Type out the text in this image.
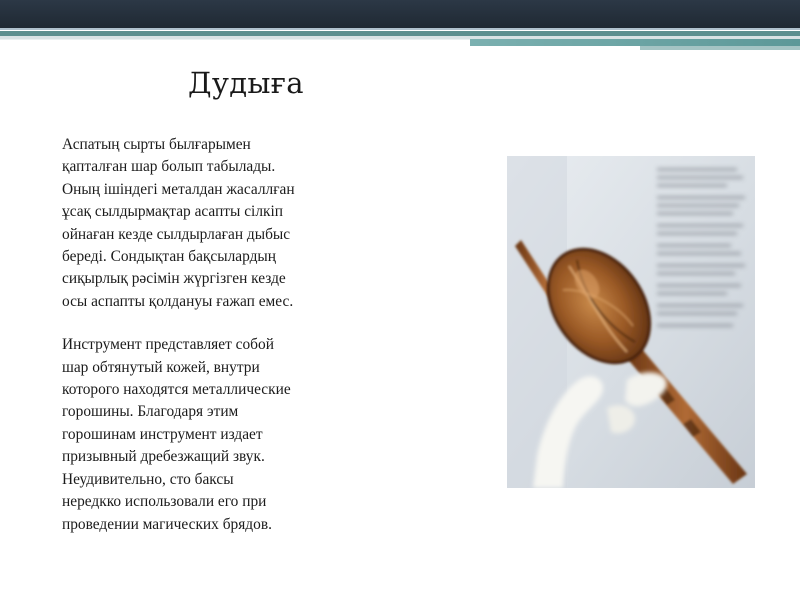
Дудыға

Аспатың сырты былғарымен
қапталған шар болып табылады.
Оның ішіндегі металдан жасаллған
ұсақ сылдырмақтар асапты сілкіп
ойнаған кезде сылдырлаған дыбыс
береді. Сондықтан бақсылардың
сиқырлық рәсімін жүргізген кезде
осы аспапты қолдануы ғажап емес.

Инструмент представляет собой
шар обтянутый кожей, внутри
которого находятся металлические
горошины. Благодаря этим
горошинам инструмент издает
призывный дребезжащий звук.
Неудивительно, сто баксы
нередкко использовали его при
проведении магических брядов.
